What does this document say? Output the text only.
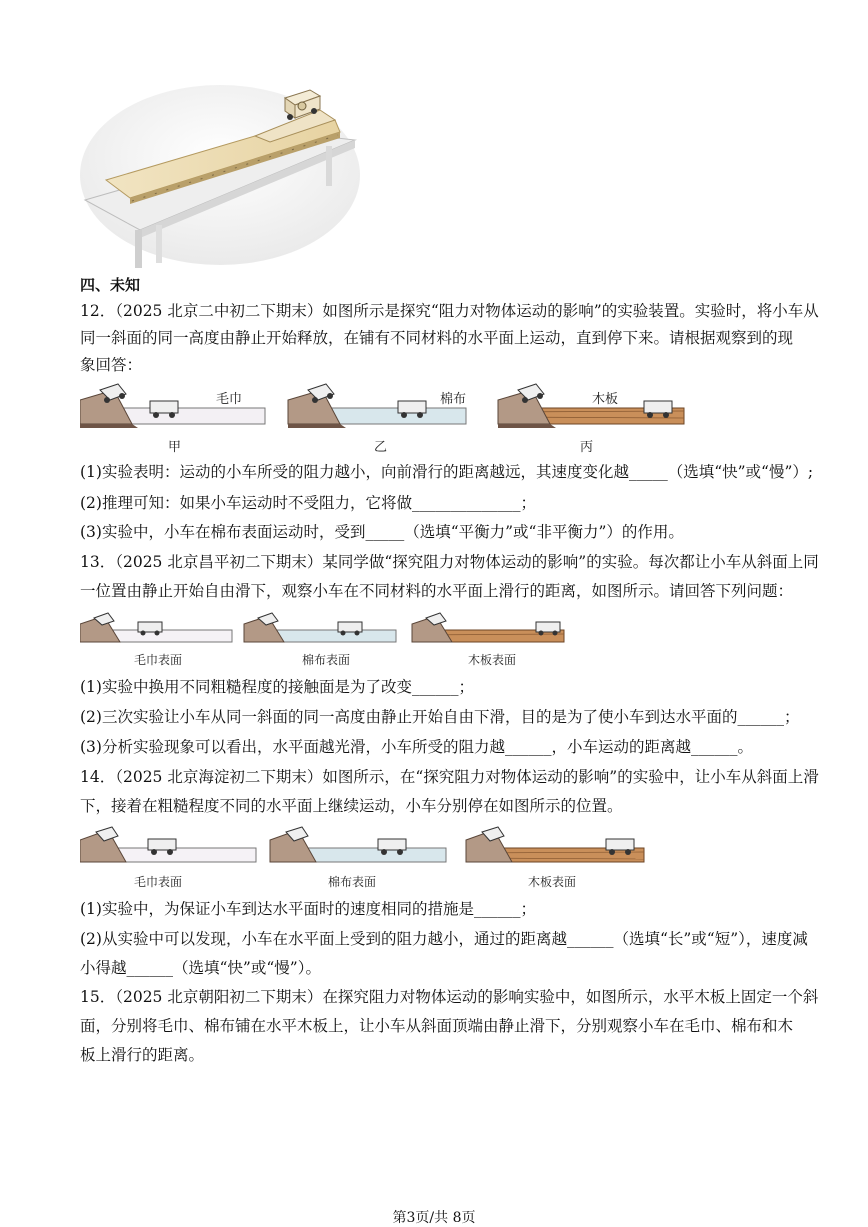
四、未知
12．（2025 北京二中初二下期末）如图所示是探究“阻力对物体运动的影响”的实验装置。实验时，将小车从
同一斜面的同一高度由静止开始释放，在铺有不同材料的水平面上运动，直到停下来。请根据观察到的现
象回答：
毛巾	棉布	木板
甲	乙	丙
(1)实验表明：运动的小车所受的阻力越小，向前滑行的距离越远，其速度变化越_____（选填“快”或“慢”）;
(2)推理可知：如果小车运动时不受阻力，它将做______________；
(3)实验中，小车在棉布表面运动时，受到_____（选填“平衡力”或“非平衡力”）的作用。
13．（2025 北京昌平初二下期末）某同学做“探究阻力对物体运动的影响”的实验。每次都让小车从斜面上同
一位置由静止开始自由滑下，观察小车在不同材料的水平面上滑行的距离，如图所示。请回答下列问题：
毛巾表面	棉布表面	木板表面
(1)实验中换用不同粗糙程度的接触面是为了改变______；
(2)三次实验让小车从同一斜面的同一高度由静止开始自由下滑，目的是为了使小车到达水平面的______；
(3)分析实验现象可以看出，水平面越光滑，小车所受的阻力越______，小车运动的距离越______。
14．（2025 北京海淀初二下期末）如图所示，在“探究阻力对物体运动的影响”的实验中，让小车从斜面上滑
下，接着在粗糙程度不同的水平面上继续运动，小车分别停在如图所示的位置。
毛巾表面	棉布表面	木板表面
(1)实验中，为保证小车到达水平面时的速度相同的措施是______；
(2)从实验中可以发现，小车在水平面上受到的阻力越小，通过的距离越______（选填“长”或“短”），速度减
小得越______（选填“快”或“慢”）。
15．（2025 北京朝阳初二下期末）在探究阻力对物体运动的影响实验中，如图所示，水平木板上固定一个斜
面，分别将毛巾、棉布铺在水平木板上，让小车从斜面顶端由静止滑下，分别观察小车在毛巾、棉布和木
板上滑行的距离。
第3页/共 8页
